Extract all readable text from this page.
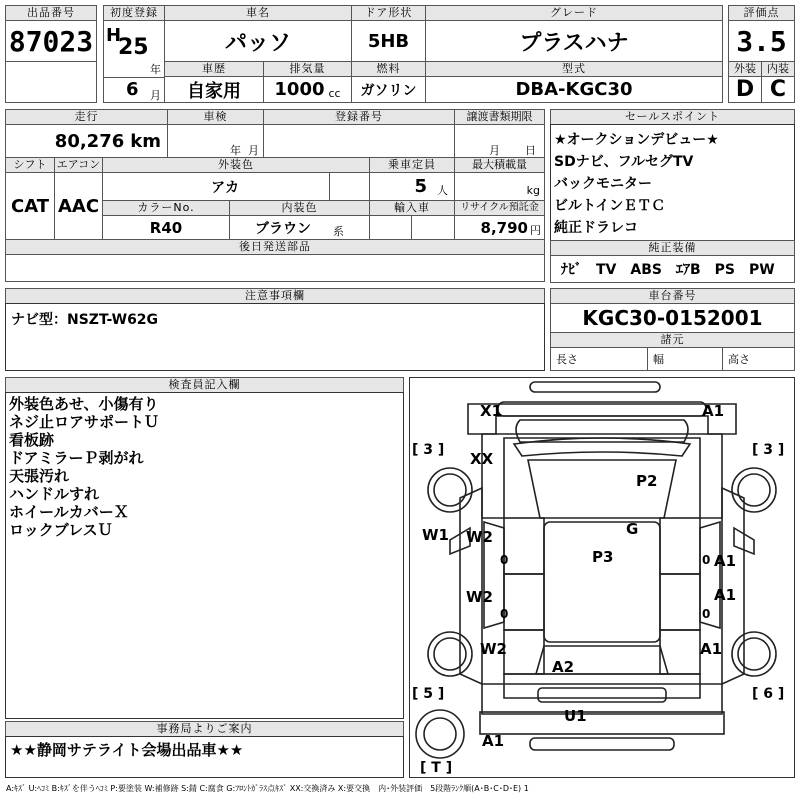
出品番号
87023
初度登録
H
25
年
6 月
車名
パッソ
ドア形状
5HB
グレード
プラスハナ
評価点
3.5
車歴
自家用
排気量
1000 cc
燃料
ガソリン
型式
DBA-KGC30
外装
D
内装
C
走行
80,276 km
車検
年 月
登録番号	譲渡書類期限
月 日
シフト
CAT
エアコン
AAC
外装色
アカ
乗車定員
5 人
最大積載量
kg
カラーNo.
R40
内装色
ブラウン 系
輸入車	リサイクル預託金
8,790 円
後日発送部品
セールスポイント
★オークションデビュー★
SDナビ、フルセグTV
バックモニター
ビルトインＥＴＣ
純正ドラレコ
純正装備
ﾅﾋﾞ　TV　ABS　ｴｱB　PS　PW
注意事項欄
ナビ型：NSZT-W62G
車台番号
KGC30-0152001
諸元
長さ	幅	高さ
検査員記入欄
外装色あせ、小傷有り
ネジ止ロアサポートＵ
看板跡
ドアミラーＰ剥がれ
天張汚れ
ハンドルすれ
ホイールカバーＸ
ロックブレスＵ
事務局よりご案内
★★静岡サテライト会場出品車★★
X1	A1
XX
P2
G
P3
W1 W2
A1
W2	A1
W2	A1
A2
U1
A1
0	0
0	0
[ 3 ]	[ 3 ]
[ 5 ]	[ 6 ]
[ T ]
A:ｷｽﾞ U:ﾍｺﾐ B:ｷｽﾞを伴うﾍｺﾐ P:要塗装 W:補修跡 S:錆 C:腐食 G:ﾌﾛﾝﾄｶﾞﾗｽ点ｷｽﾞ XX:交換済み X:要交換　内･外装評価　5段階ﾗﾝｸ順(A･B･C･D･E) 1
